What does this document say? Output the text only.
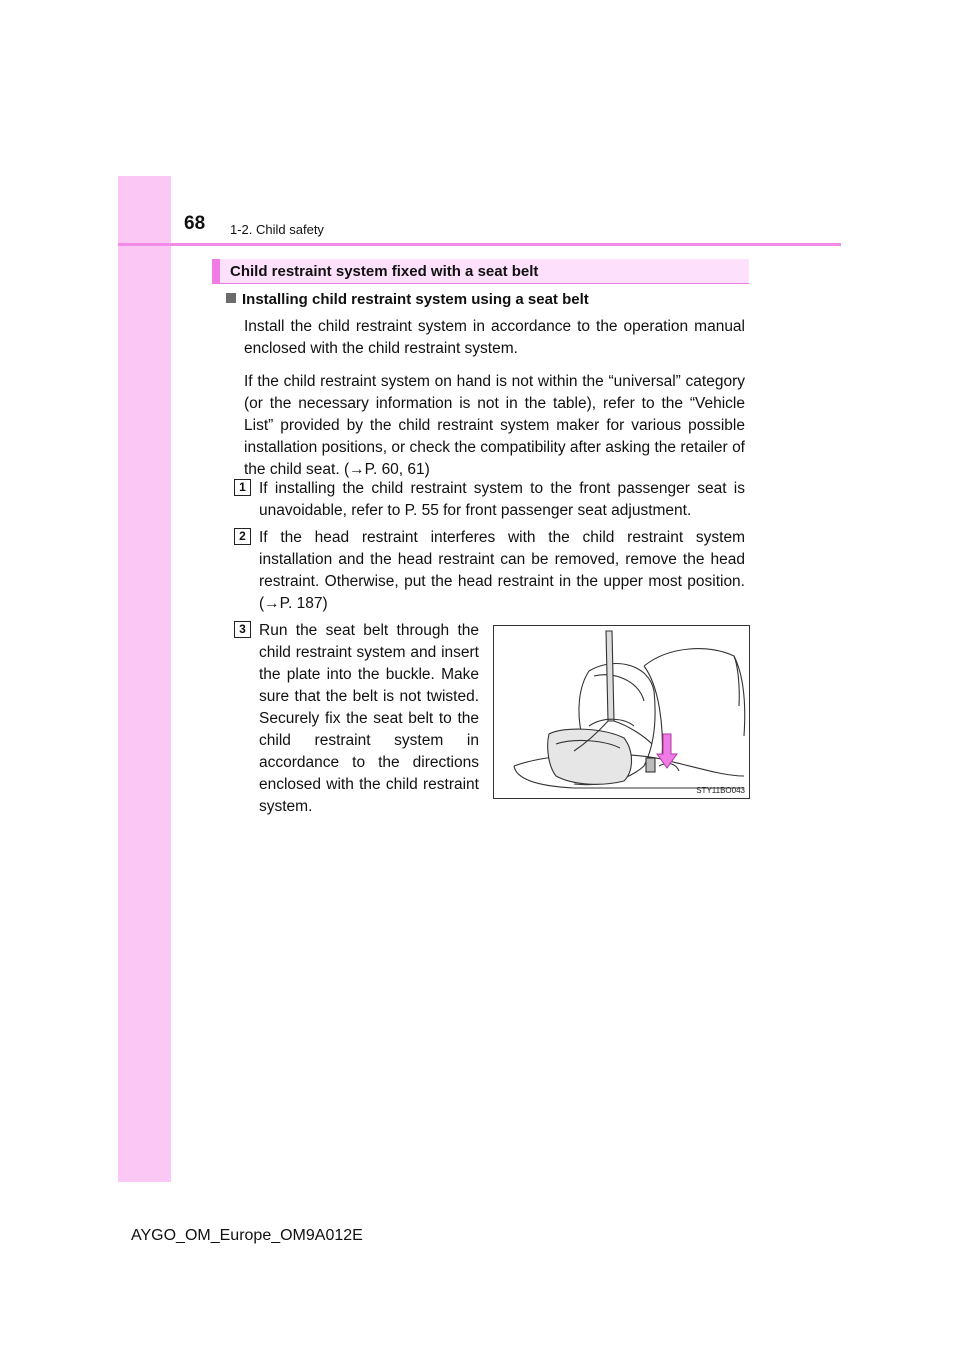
68 1-2. Child safety
Child restraint system fixed with a seat belt
Installing child restraint system using a seat belt

Install the child restraint system in accordance to the operation manual enclosed with the child restraint system.

If the child restraint system on hand is not within the “universal” category (or the necessary information is not in the table), refer to the “Vehicle List” provided by the child restraint system maker for various possible installation positions, or check the compatibility after asking the retailer of the child seat. (→P. 60, 61)

1 If installing the child restraint system to the front passenger seat is unavoidable, refer to P. 55 for front passenger seat adjustment.

2 If the head restraint interferes with the child restraint system installation and the head restraint can be removed, remove the head restraint. Otherwise, put the head restraint in the upper most position. (→P. 187)

3 Run the seat belt through the child restraint system and insert the plate into the buckle. Make sure that the belt is not twisted. Securely fix the seat belt to the child restraint system in accordance to the directions enclosed with the child restraint system.

STY11BO043
AYGO_OM_Europe_OM9A012E
